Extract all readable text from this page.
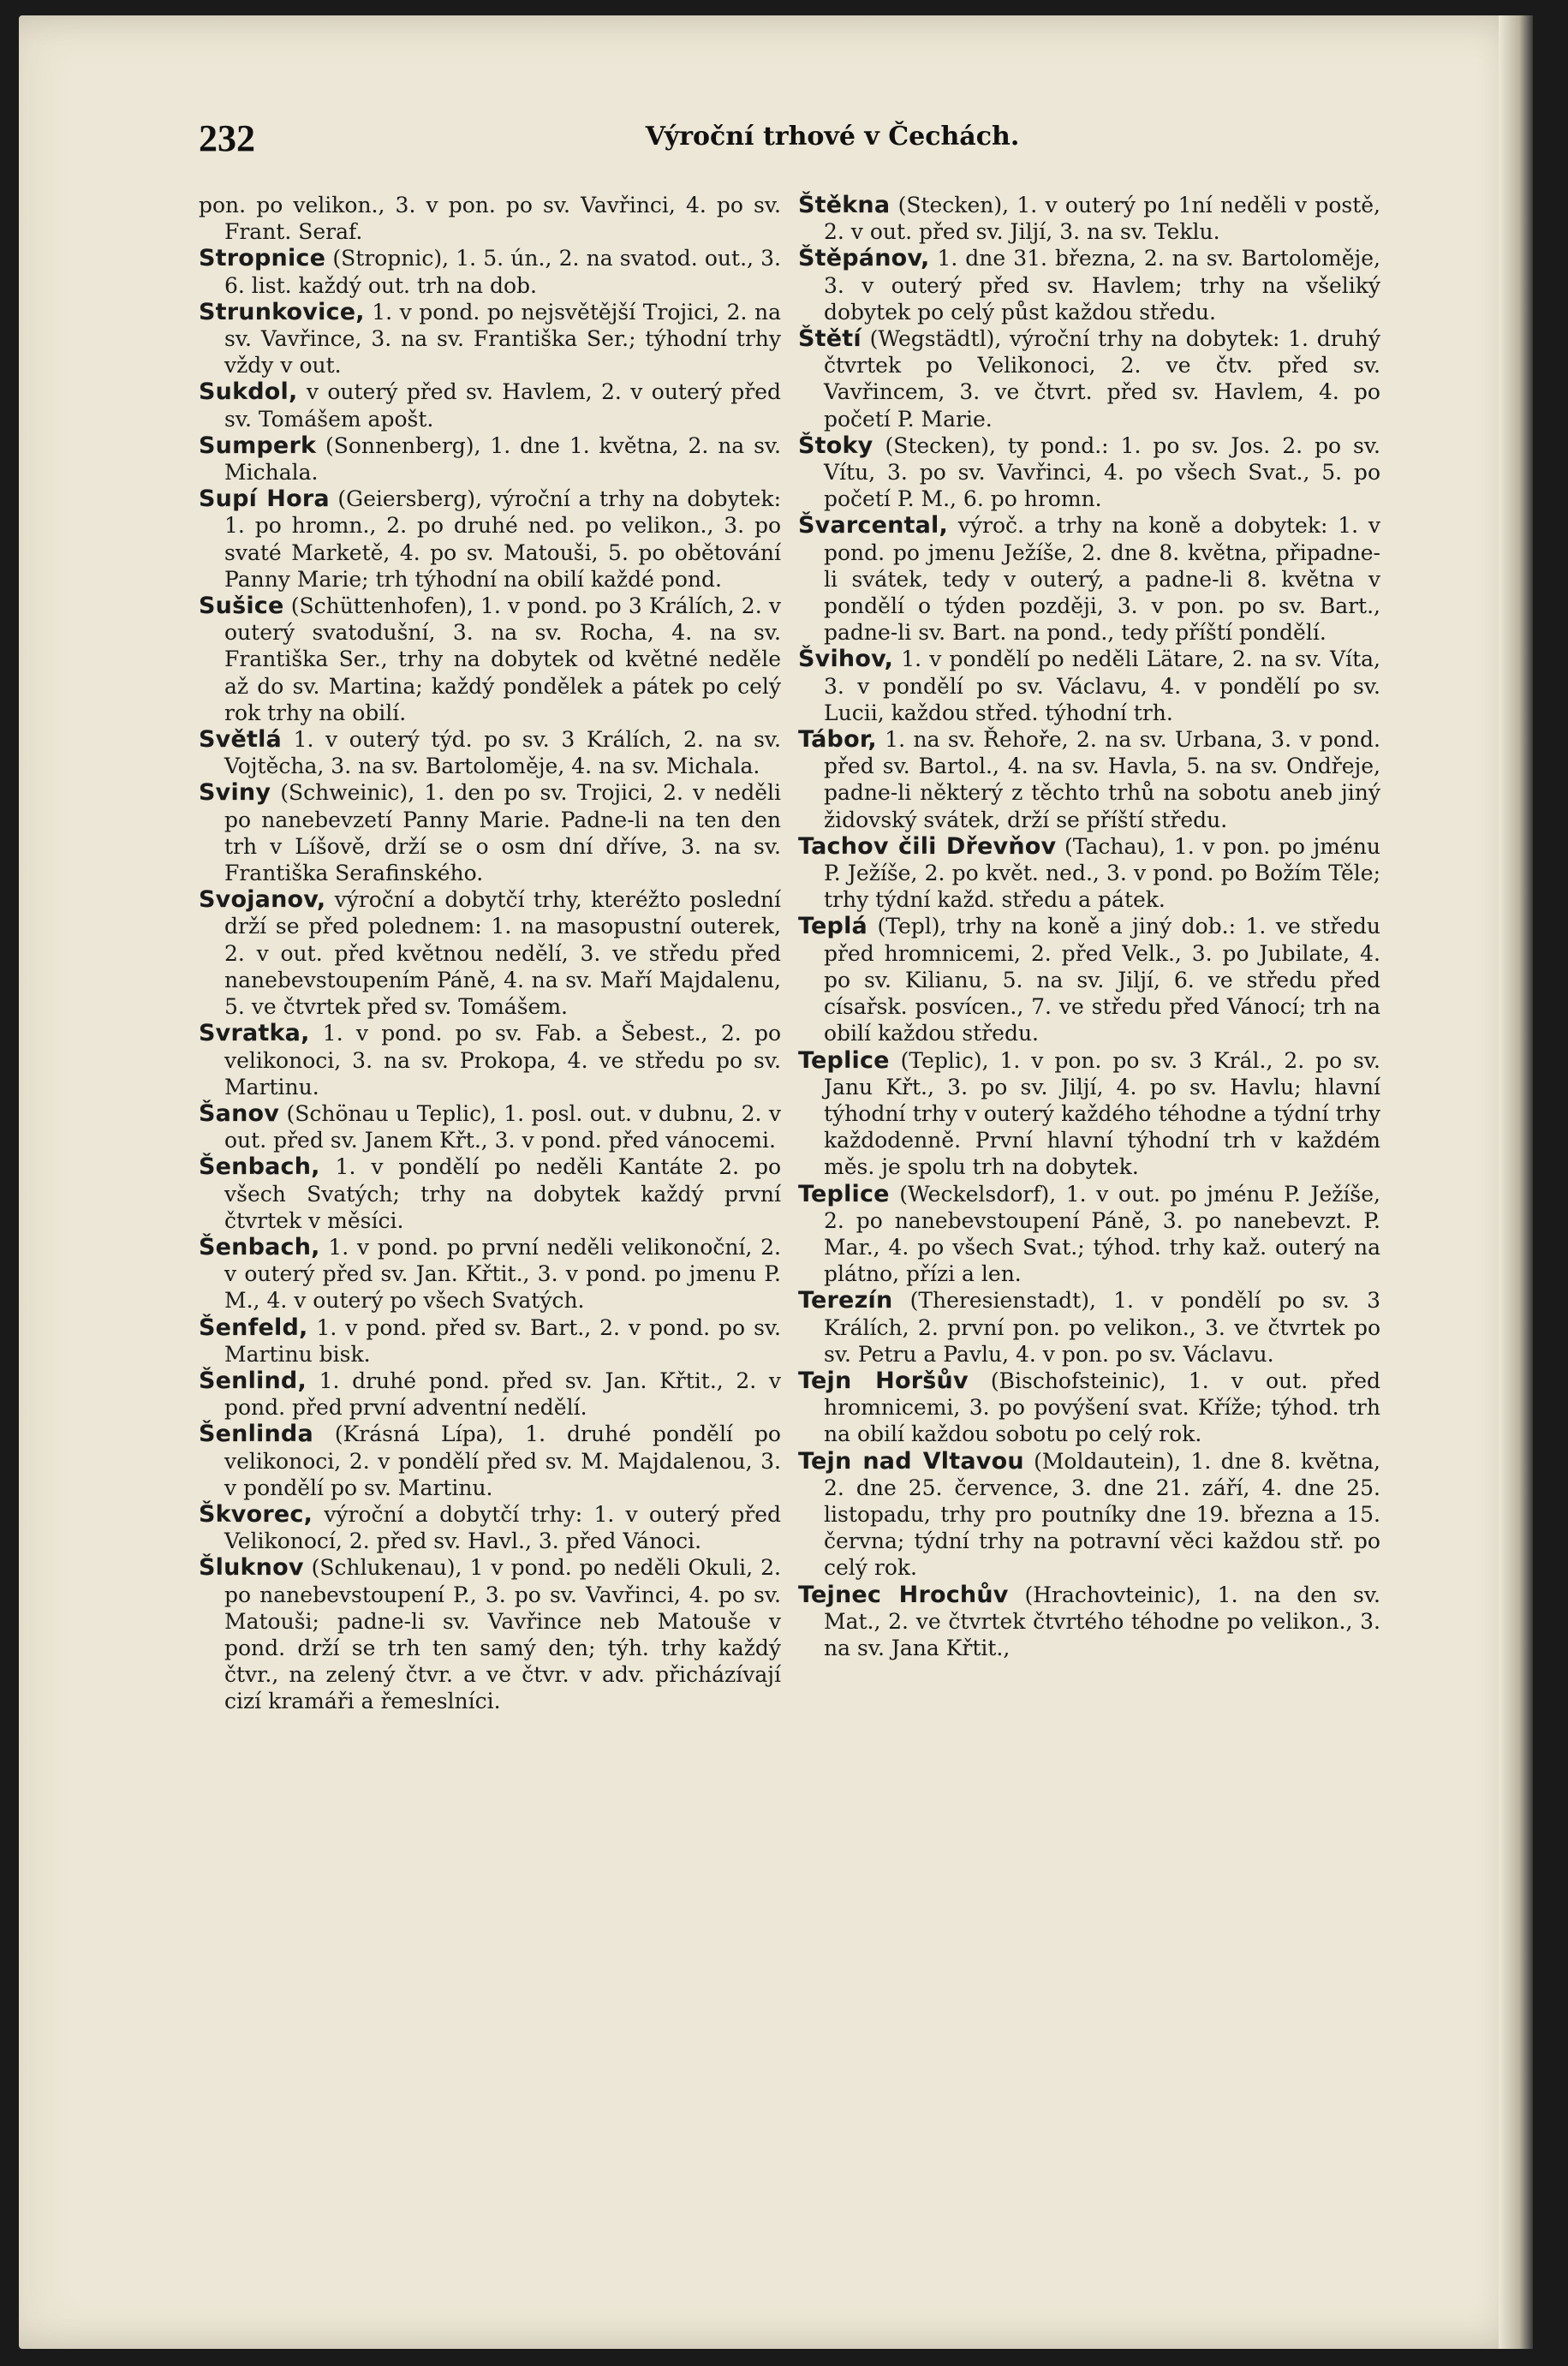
232	Výroční trhové v Čechách.

pon. po velikon., 3. v pon. po sv. Vavřinci, 4. po sv. Frant. Seraf.

Stropnice (Stropnic), 1. 5. ún., 2. na svatod. out., 3. 6. list. každý out. trh na dob.

Strunkovice, 1. v pond. po nejsvětější Trojici, 2. na sv. Vavřince, 3. na sv. Františka Ser.; týhodní trhy vždy v out.

Sukdol, v outerý před sv. Havlem, 2. v outerý před sv. Tomášem apošt.

Sumperk (Sonnenberg), 1. dne 1. května, 2. na sv. Michala.

Supí Hora (Geiersberg), výroční a trhy na dobytek: 1. po hromn., 2. po druhé ned. po velikon., 3. po svaté Marketě, 4. po sv. Matouši, 5. po obětování Panny Marie; trh týhodní na obilí každé pond.

Sušice (Schüttenhofen), 1. v pond. po 3 Králích, 2. v outerý svatodušní, 3. na sv. Rocha, 4. na sv. Františka Ser., trhy na dobytek od květné neděle až do sv. Martina; každý pondělek a pátek po celý rok trhy na obilí.

Světlá 1. v outerý týd. po sv. 3 Králích, 2. na sv. Vojtěcha, 3. na sv. Bartoloměje, 4. na sv. Michala.

Sviny (Schweinic), 1. den po sv. Trojici, 2. v neděli po nanebevzetí Panny Marie. Padne-li na ten den trh v Líšově, drží se o osm dní dříve, 3. na sv. Františka Serafinského.

Svojanov, výroční a dobytčí trhy, kteréžto poslední drží se před polednem: 1. na masopustní outerek, 2. v out. před květnou nedělí, 3. ve středu před nanebevstoupením Páně, 4. na sv. Maří Majdalenu, 5. ve čtvrtek před sv. Tomášem.

Svratka, 1. v pond. po sv. Fab. a Šebest., 2. po velikonoci, 3. na sv. Prokopa, 4. ve středu po sv. Martinu.

Šanov (Schönau u Teplic), 1. posl. out. v dubnu, 2. v out. před sv. Janem Křt., 3. v pond. před vánocemi.

Šenbach, 1. v pondělí po neděli Kantáte 2. po všech Svatých; trhy na dobytek každý první čtvrtek v měsíci.

Šenbach, 1. v pond. po první neděli velikonoční, 2. v outerý před sv. Jan. Křtit., 3. v pond. po jmenu P. M., 4. v outerý po všech Svatých.

Šenfeld, 1. v pond. před sv. Bart., 2. v pond. po sv. Martinu bisk.

Šenlind, 1. druhé pond. před sv. Jan. Křtit., 2. v pond. před první adventní nedělí.

Šenlinda (Krásná Lípa), 1. druhé pondělí po velikonoci, 2. v pondělí před sv. M. Majdalenou, 3. v pondělí po sv. Martinu.

Škvorec, výroční a dobytčí trhy: 1. v outerý před Velikonocí, 2. před sv. Havl., 3. před Vánoci.

Šluknov (Schlukenau), 1 v pond. po neděli Okuli, 2. po nanebevstoupení P., 3. po sv. Vavřinci, 4. po sv. Matouši; padne-li sv. Vavřince neb Matouše v pond. drží se trh ten samý den; týh. trhy každý čtvr., na zelený čtvr. a ve čtvr. v adv. přicházívají cizí kramáři a řemeslníci.

Štěkna (Stecken), 1. v outerý po 1ní neděli v postě, 2. v out. před sv. Jiljí, 3. na sv. Teklu.

Štěpánov, 1. dne 31. března, 2. na sv. Bartoloměje, 3. v outerý před sv. Havlem; trhy na všeliký dobytek po celý půst každou středu.

Štětí (Wegstädtl), výroční trhy na dobytek: 1. druhý čtvrtek po Velikonoci, 2. ve čtv. před sv. Vavřincem, 3. ve čtvrt. před sv. Havlem, 4. po početí P. Marie.

Štoky (Stecken), ty pond.: 1. po sv. Jos. 2. po sv. Vítu, 3. po sv. Vavřinci, 4. po všech Svat., 5. po početí P. M., 6. po hromn.

Švarcental, výroč. a trhy na koně a dobytek: 1. v pond. po jmenu Ježíše, 2. dne 8. května, připadne-li svátek, tedy v outerý, a padne-li 8. května v pondělí o týden později, 3. v pon. po sv. Bart., padne-li sv. Bart. na pond., tedy příští pondělí.

Švihov, 1. v pondělí po neděli Lätare, 2. na sv. Víta, 3. v pondělí po sv. Václavu, 4. v pondělí po sv. Lucii, každou střed. týhodní trh.

Tábor, 1. na sv. Řehoře, 2. na sv. Urbana, 3. v pond. před sv. Bartol., 4. na sv. Havla, 5. na sv. Ondřeje, padne-li některý z těchto trhů na sobotu aneb jiný židovský svátek, drží se příští středu.

Tachov čili Dřevňov (Tachau), 1. v pon. po jménu P. Ježíše, 2. po květ. ned., 3. v pond. po Božím Těle; trhy týdní každ. středu a pátek.

Teplá (Tepl), trhy na koně a jiný dob.: 1. ve středu před hromnicemi, 2. před Velk., 3. po Jubilate, 4. po sv. Kilianu, 5. na sv. Jiljí, 6. ve středu před císařsk. posvícen., 7. ve středu před Vánocí; trh na obilí každou středu.

Teplice (Teplic), 1. v pon. po sv. 3 Král., 2. po sv. Janu Křt., 3. po sv. Jiljí, 4. po sv. Havlu; hlavní týhodní trhy v outerý každého téhodne a týdní trhy každodenně. První hlavní týhodní trh v každém měs. je spolu trh na dobytek.

Teplice (Weckelsdorf), 1. v out. po jménu P. Ježíše, 2. po nanebevstoupení Páně, 3. po nanebevzt. P. Mar., 4. po všech Svat.; týhod. trhy kaž. outerý na plátno, přízi a len.

Terezín (Theresienstadt), 1. v pondělí po sv. 3 Králích, 2. první pon. po velikon., 3. ve čtvrtek po sv. Petru a Pavlu, 4. v pon. po sv. Václavu.

Tejn Horšův (Bischofsteinic), 1. v out. před hromnicemi, 3. po povýšení svat. Kříže; týhod. trh na obilí každou sobotu po celý rok.

Tejn nad Vltavou (Moldautein), 1. dne 8. května, 2. dne 25. července, 3. dne 21. září, 4. dne 25. listopadu, trhy pro poutníky dne 19. března a 15. června; týdní trhy na potravní věci každou stř. po celý rok.

Tejnec Hrochův (Hrachovteinic), 1. na den sv. Mat., 2. ve čtvrtek čtvrtého téhodne po velikon., 3. na sv. Jana Křtit.,
